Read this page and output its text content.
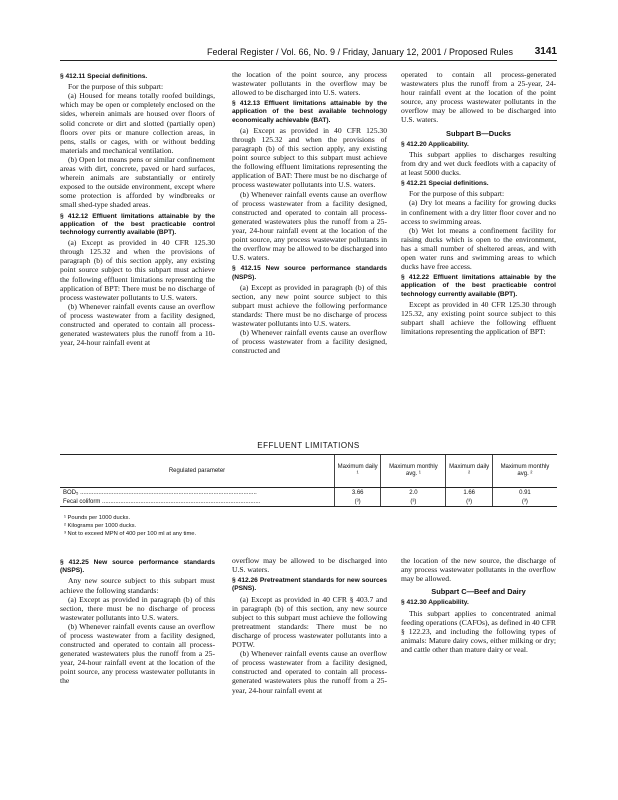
Federal Register / Vol. 66, No. 9 / Friday, January 12, 2001 / Proposed Rules 3141

§ 412.11 Special definitions.

For the purpose of this subpart:

(a) Housed for means totally roofed buildings, which may be open or completely enclosed on the sides, wherein animals are housed over floors of solid concrete or dirt and slotted (partially open) floors over pits or manure collection areas, in pens, stalls or cages, with or without bedding materials and mechanical ventilation.

(b) Open lot means pens or similar confinement areas with dirt, concrete, paved or hard surfaces, wherein animals are substantially or entirely exposed to the outside environment, except where some protection is afforded by windbreaks or small shed-type shaded areas.

§ 412.12 Effluent limitations attainable by the application of the best practicable control technology currently available (BPT).

(a) Except as provided in 40 CFR 125.30 through 125.32 and when the provisions of paragraph (b) of this section apply, any existing point source subject to this subpart must achieve the following effluent limitations representing the application of BPT: There must be no discharge of process wastewater pollutants to U.S. waters.

(b) Whenever rainfall events cause an overflow of process wastewater from a facility designed, constructed and operated to contain all process-generated wastewaters plus the runoff from a 10-year, 24-hour rainfall event at

the location of the point source, any process wastewater pollutants in the overflow may be allowed to be discharged into U.S. waters.

§ 412.13 Effluent limitations attainable by the application of the best available technology economically achievable (BAT).

(a) Except as provided in 40 CFR 125.30 through 125.32 and when the provisions of paragraph (b) of this section apply, any existing point source subject to this subpart must achieve the following effluent limitations representing the application of BAT: There must be no discharge of process wastewater pollutants into U.S. waters.

(b) Whenever rainfall events cause an overflow of process wastewater from a facility designed, constructed and operated to contain all process-generated wastewaters plus the runoff from a 25-year, 24-hour rainfall event at the location of the point source, any process wastewater pollutants in the overflow may be allowed to be discharged into U.S. waters.

§ 412.15 New source performance standards (NSPS).

(a) Except as provided in paragraph (b) of this section, any new point source subject to this subpart must achieve the following performance standards: There must be no discharge of process wastewater pollutants into U.S. waters.

(b) Whenever rainfall events cause an overflow of process wastewater from a facility designed, constructed and

operated to contain all process-generated wastewaters plus the runoff from a 25-year, 24-hour rainfall event at the location of the point source, any process wastewater pollutants in the overflow may be allowed to be discharged into U.S. waters.

Subpart B—Ducks

§ 412.20 Applicability.

This subpart applies to discharges resulting from dry and wet duck feedlots with a capacity of at least 5000 ducks.

§ 412.21 Special definitions.

For the purpose of this subpart:

(a) Dry lot means a facility for growing ducks in confinement with a dry litter floor cover and no access to swimming areas.

(b) Wet lot means a confinement facility for raising ducks which is open to the environment, has a small number of sheltered areas, and with open water runs and swimming areas to which ducks have free access.

§ 412.22 Effluent limitations attainable by the application of the best practicable control technology currently available (BPT).

Except as provided in 40 CFR 125.30 through 125.32, any existing point source subject to this subpart shall achieve the following effluent limitations representing the application of BPT:

EFFLUENT LIMITATIONS
Regulated parameter	Maximum daily ¹	Maximum monthly avg. ¹	Maximum daily ²	Maximum monthly avg. ²
BOD₅ ..........................................................................................................	3.66	2.0	1.66	0.91
Fecal coliform ...............................................................................................	(³)	(³)	(³)	(³)
¹ Pounds per 1000 ducks.
² Kilograms per 1000 ducks.
³ Not to exceed MPN of 400 per 100 ml at any time.

§ 412.25 New source performance standards (NSPS).

Any new source subject to this subpart must achieve the following standards:

(a) Except as provided in paragraph (b) of this section, there must be no discharge of process wastewater pollutants into U.S. waters.

(b) Whenever rainfall events cause an overflow of process wastewater from a facility designed, constructed and operated to contain all process-generated wastewaters plus the runoff from a 25-year, 24-hour rainfall event at the location of the point source, any process wastewater pollutants in the

overflow may be allowed to be discharged into U.S. waters.

§ 412.26 Pretreatment standards for new sources (PSNS).

(a) Except as provided in 40 CFR § 403.7 and in paragraph (b) of this section, any new source subject to this subpart must achieve the following pretreatment standards: There must be no discharge of process wastewater pollutants into a POTW.

(b) Whenever rainfall events cause an overflow of process wastewater from a facility designed, constructed and operated to contain all process-generated wastewaters plus the runoff from a 25-year, 24-hour rainfall event at

the location of the new source, the discharge of any process wastewater pollutants in the overflow may be allowed.

Subpart C—Beef and Dairy

§ 412.30 Applicability.

This subpart applies to concentrated animal feeding operations (CAFOs), as defined in 40 CFR § 122.23, and including the following types of animals: Mature dairy cows, either milking or dry; and cattle other than mature dairy or veal.
